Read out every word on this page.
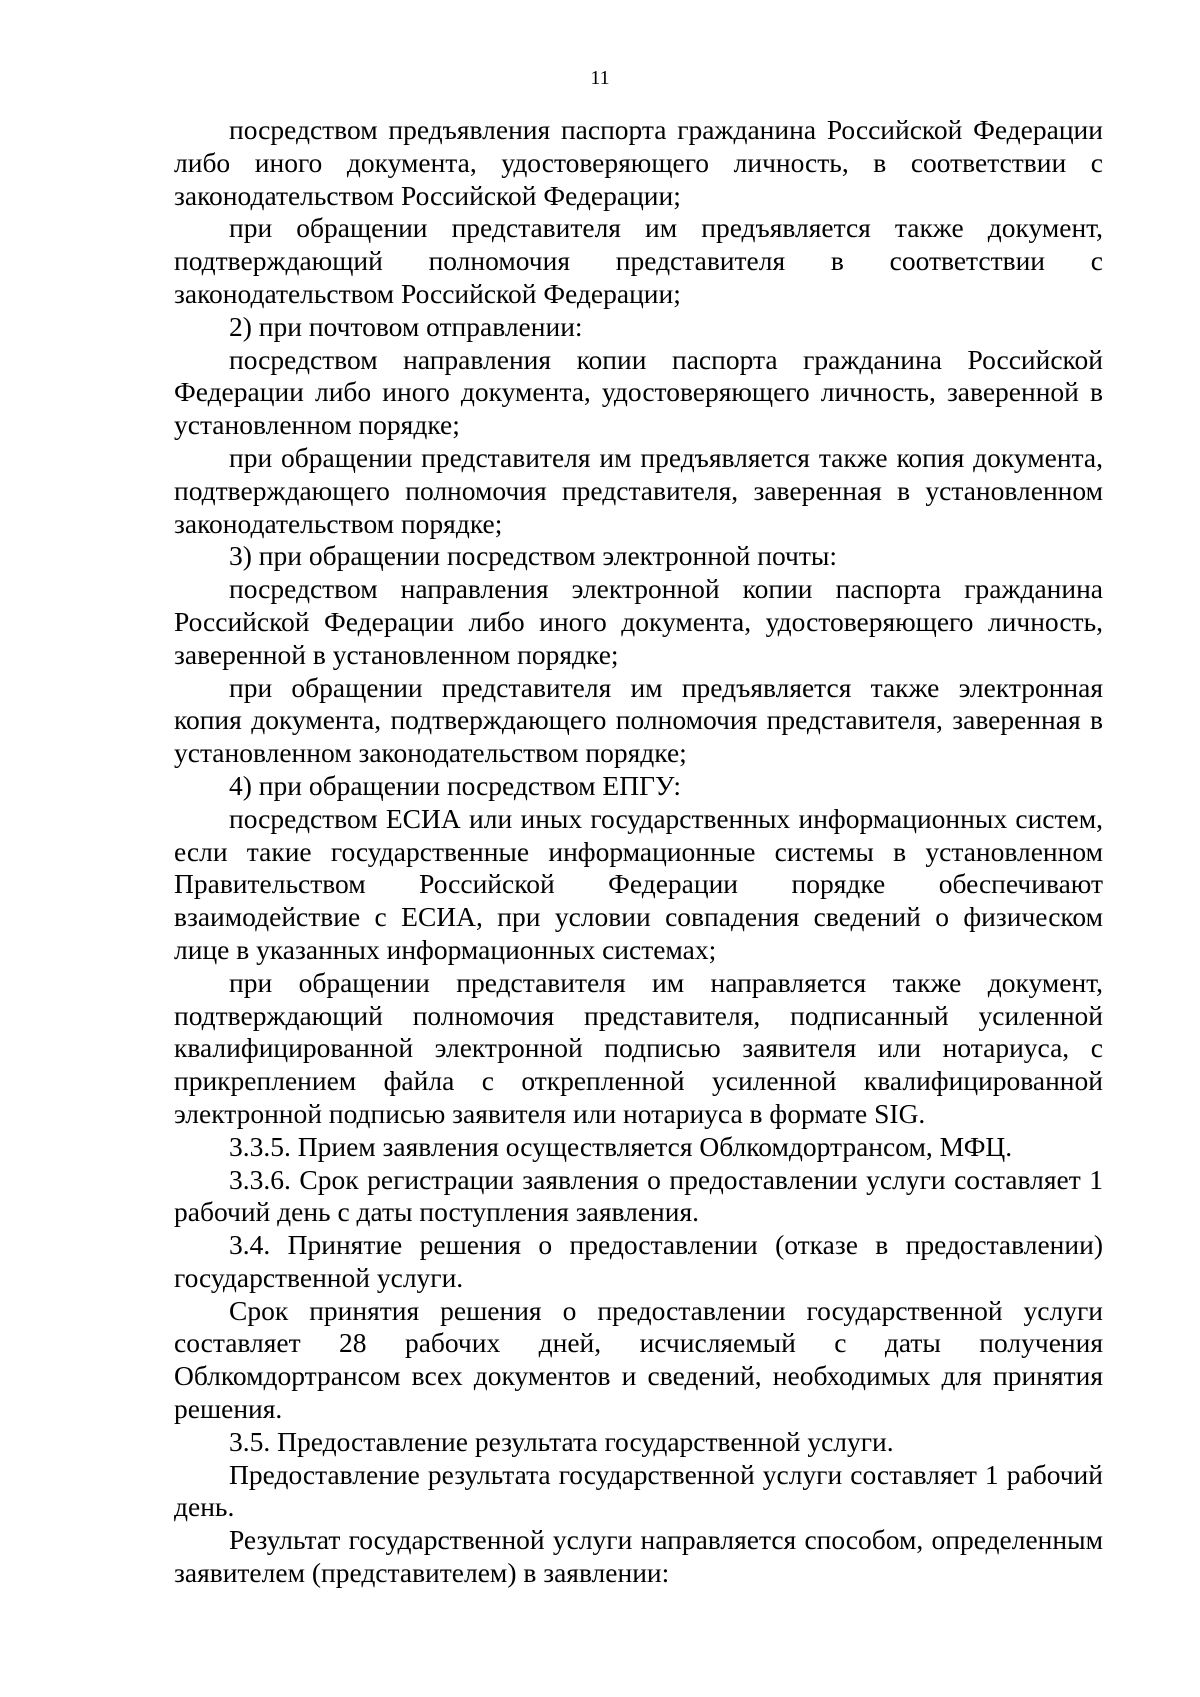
11

посредством предъявления паспорта гражданина Российской Федерации либо иного документа, удостоверяющего личность, в соответствии с законодательством Российской Федерации;

при обращении представителя им предъявляется также документ, подтверждающий полномочия представителя в соответствии с законодательством Российской Федерации;

2) при почтовом отправлении:

посредством направления копии паспорта гражданина Российской Федерации либо иного документа, удостоверяющего личность, заверенной в установленном порядке;

при обращении представителя им предъявляется также копия документа, подтверждающего полномочия представителя, заверенная в установленном законодательством порядке;

3) при обращении посредством электронной почты:

посредством направления электронной копии паспорта гражданина Российской Федерации либо иного документа, удостоверяющего личность, заверенной в установленном порядке;

при обращении представителя им предъявляется также электронная копия документа, подтверждающего полномочия представителя, заверенная в установленном законодательством порядке;

4) при обращении посредством ЕПГУ:

посредством ЕСИА или иных государственных информационных систем, если такие государственные информационные системы в установленном Правительством Российской Федерации порядке обеспечивают взаимодействие с ЕСИА, при условии совпадения сведений о физическом лице в указанных информационных системах;

при обращении представителя им направляется также документ, подтверждающий полномочия представителя, подписанный усиленной квалифицированной электронной подписью заявителя или нотариуса, с прикреплением файла с открепленной усиленной квалифицированной электронной подписью заявителя или нотариуса в формате SIG.

3.3.5. Прием заявления осуществляется Облкомдортрансом, МФЦ.

3.3.6. Срок регистрации заявления о предоставлении услуги составляет 1 рабочий день с даты поступления заявления.

3.4. Принятие решения о предоставлении (отказе в предоставлении) государственной услуги.

Срок принятия решения о предоставлении государственной услуги составляет 28 рабочих дней, исчисляемый с даты получения Облкомдортрансом всех документов и сведений, необходимых для принятия решения.

3.5. Предоставление результата государственной услуги.

Предоставление результата государственной услуги составляет 1 рабочий день.

Результат государственной услуги направляется способом, определенным заявителем (представителем) в заявлении:
